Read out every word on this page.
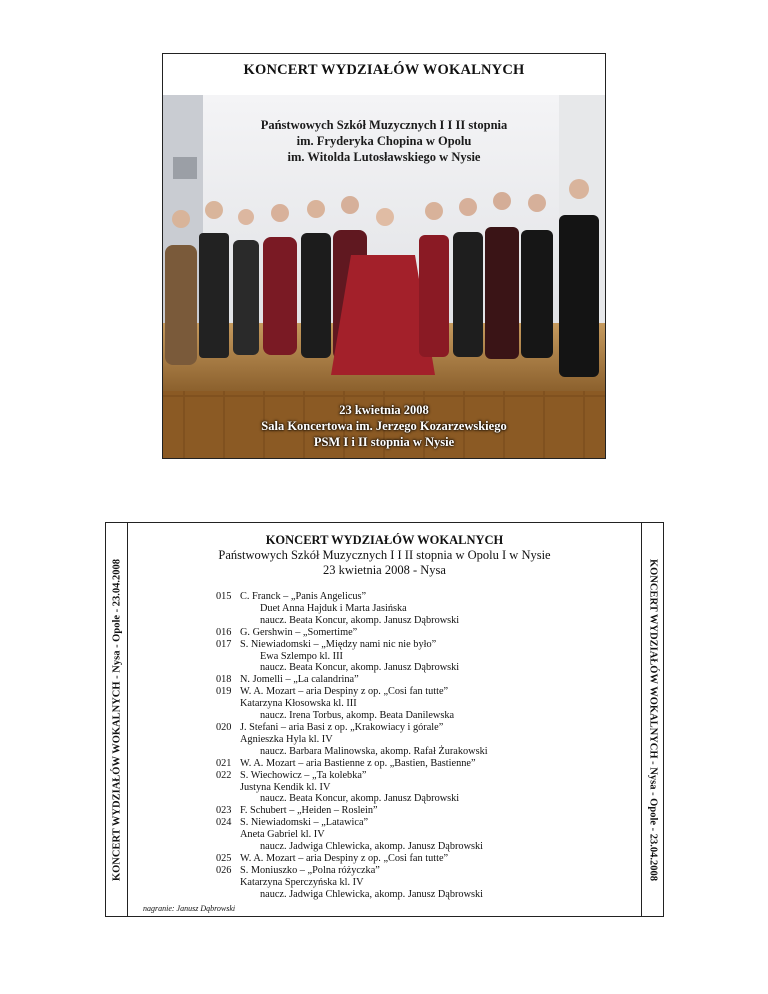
KONCERT WYDZIAŁÓW WOKALNYCH
Państwowych Szkół Muzycznych I I II stopnia
im. Fryderyka Chopina w Opolu
im. Witolda Lutosławskiego w Nysie
23 kwietnia 2008
Sala Koncertowa im. Jerzego Kozarzewskiego
PSM I i II stopnia w Nysie
KONCERT WYDZIAŁÓW WOKALNYCH - Nysa - Opole - 23.04.2008	KONCERT WYDZIAŁÓW WOKALNYCH - Nysa - Opole - 23.04.2008
KONCERT WYDZIAŁÓW WOKALNYCH
Państwowych Szkół Muzycznych I I II stopnia w Opolu I w Nysie
23 kwietnia 2008 - Nysa
015 C. Franck – „Panis Angelicus”
Duet Anna Hajduk i Marta Jasińska
naucz. Beata Koncur, akomp. Janusz Dąbrowski
016 G. Gershwin – „Somertime”
017 S. Niewiadomski – „Między nami nic nie było”
Ewa Szlempo kl. III
naucz. Beata Koncur, akomp. Janusz Dąbrowski
018 N. Jomelli – „La calandrina”
019 W. A. Mozart – aria Despiny z op. „Cosi fan tutte”
Katarzyna Kłosowska kl. III
naucz. Irena Torbus, akomp. Beata Danilewska
020 J. Stefani – aria Basi z op. „Krakowiacy i górale”
Agnieszka Hyla kl. IV
naucz. Barbara Malinowska, akomp. Rafał Żurakowski
021 W. A. Mozart – aria Bastienne z op. „Bastien, Bastienne”
022 S. Wiechowicz – „Ta kolebka”
Justyna Kendik kl. IV
naucz. Beata Koncur, akomp. Janusz Dąbrowski
023 F. Schubert – „Heiden – Roslein”
024 S. Niewiadomski – „Latawica”
Aneta Gabriel kl. IV
naucz. Jadwiga Chlewicka, akomp. Janusz Dąbrowski
025 W. A. Mozart – aria Despiny z op. „Cosi fan tutte”
026 S. Moniuszko – „Polna różyczka”
Katarzyna Sperczyńska kl. IV
naucz. Jadwiga Chlewicka, akomp. Janusz Dąbrowski
nagranie: Janusz Dąbrowski
